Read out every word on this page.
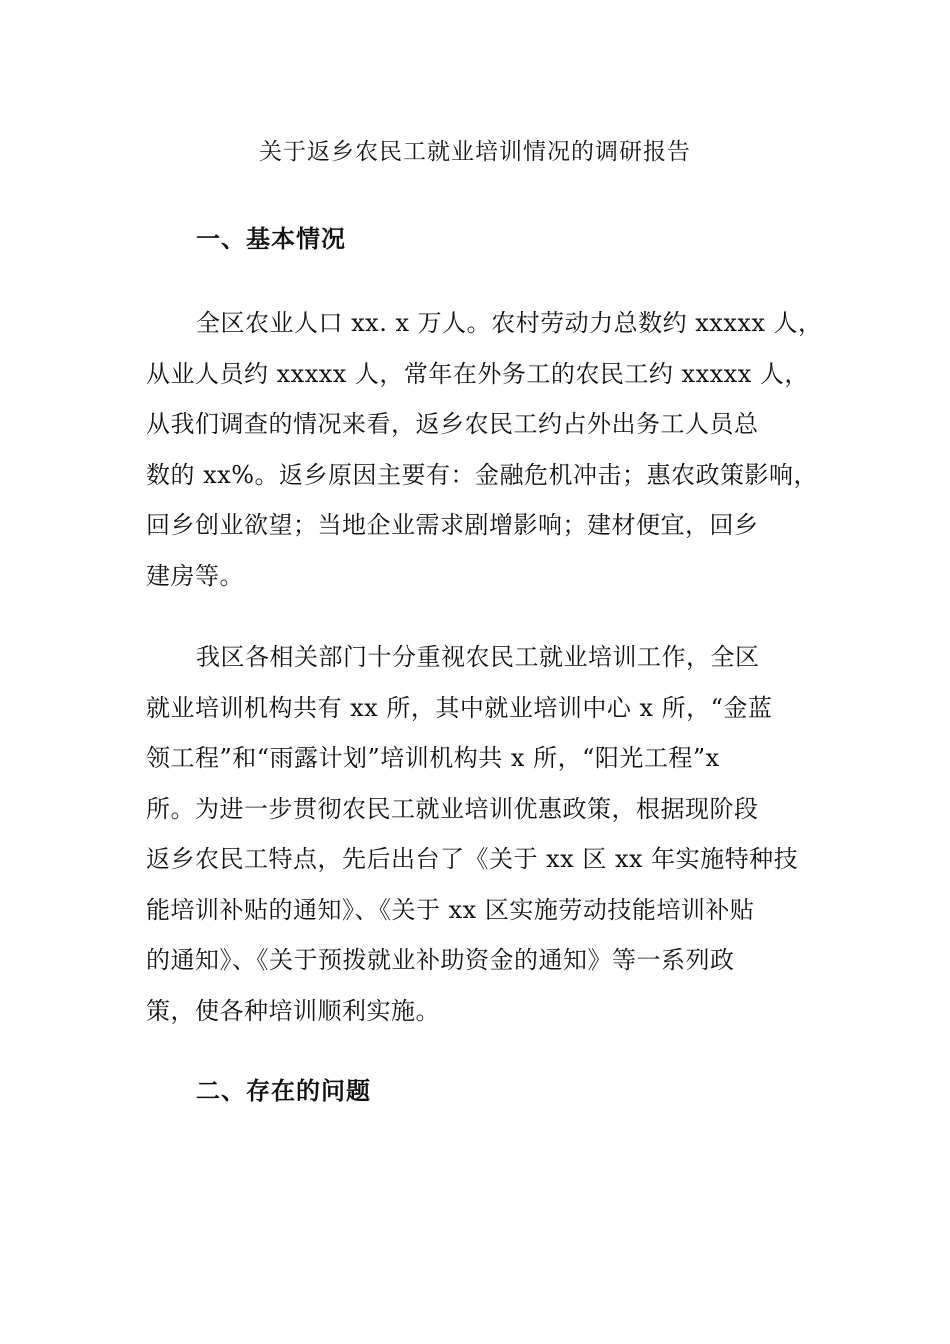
关于返乡农民工就业培训情况的调研报告
一、基本情况
全区农业人口 xx. x 万人。农村劳动力总数约 xxxxx 人，
从业人员约 xxxxx 人，常年在外务工的农民工约 xxxxx 人，
从我们调查的情况来看，返乡农民工约占外出务工人员总
数的 xx%。返乡原因主要有：金融危机冲击；惠农政策影响，
回乡创业欲望；当地企业需求剧增影响；建材便宜，回乡
建房等。
我区各相关部门十分重视农民工就业培训工作，全区
就业培训机构共有 xx 所，其中就业培训中心 x 所，“金蓝
领工程”和“雨露计划”培训机构共 x 所，“阳光工程”x
所。为进一步贯彻农民工就业培训优惠政策，根据现阶段
返乡农民工特点，先后出台了《关于 xx 区 xx 年实施特种技
能培训补贴的通知》、《关于 xx 区实施劳动技能培训补贴
的通知》、《关于预拨就业补助资金的通知》等一系列政
策，使各种培训顺利实施。
二、存在的问题
